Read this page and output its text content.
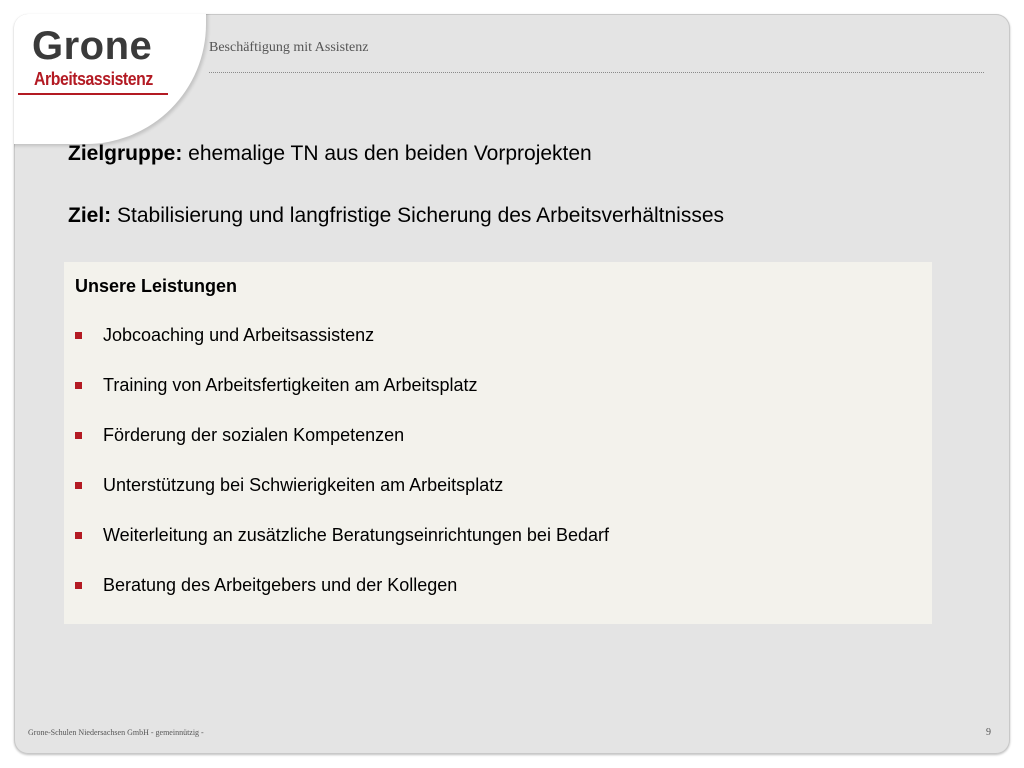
Grone
Arbeitsassistenz
Beschäftigung mit Assistenz
Zielgruppe: ehemalige TN aus den beiden Vorprojekten
Ziel: Stabilisierung und langfristige Sicherung des Arbeitsverhältnisses
Unsere Leistungen
Jobcoaching und Arbeitsassistenz
Training von Arbeitsfertigkeiten am Arbeitsplatz
Förderung der sozialen Kompetenzen
Unterstützung bei Schwierigkeiten am Arbeitsplatz
Weiterleitung an zusätzliche Beratungseinrichtungen bei Bedarf
Beratung des Arbeitgebers und der Kollegen
Grone-Schulen Niedersachsen GmbH - gemeinnützig -	9
